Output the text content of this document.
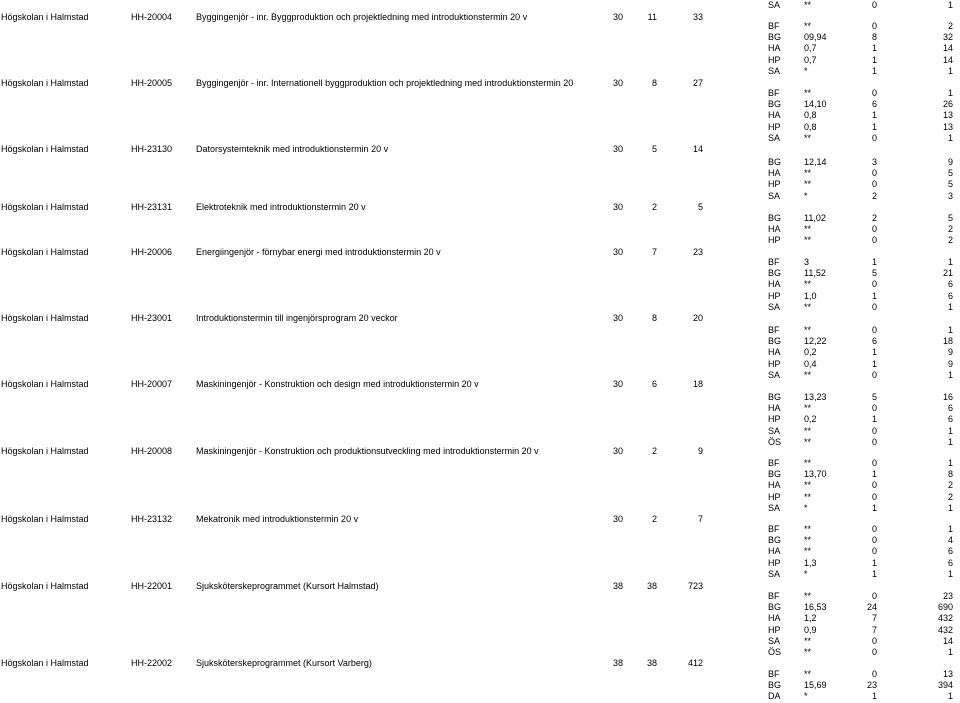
Högskolan i Halmstad	HH-20004	Byggingenjör - inr. Byggproduktion och projektledning med introduktionstermin 20 v	30	11	33
Högskolan i Halmstad	HH-20005	Byggingenjör - inr. Internationell byggproduktion och projektledning med introduktionstermin 20	30	8	27
Högskolan i Halmstad	HH-23130	Datorsystemteknik med introduktionstermin 20 v	30	5	14
Högskolan i Halmstad	HH-23131	Elektroteknik med introduktionstermin 20 v	30	2	5
Högskolan i Halmstad	HH-20006	Energiingenjör - förnybar energi med introduktionstermin 20 v	30	7	23
Högskolan i Halmstad	HH-23001	Introduktionstermin till ingenjörsprogram 20 veckor	30	8	20
Högskolan i Halmstad	HH-20007	Maskiningenjör - Konstruktion och design med introduktionstermin 20 v	30	6	18
Högskolan i Halmstad	HH-20008	Maskiningenjör - Konstruktion och produktionsutveckling med introduktionstermin 20 v	30	2	9
Högskolan i Halmstad	HH-23132	Mekatronik med introduktionstermin 20 v	30	2	7
Högskolan i Halmstad	HH-22001	Sjuksköterskeprogrammet (Kursort Halmstad)	38	38	723
Högskolan i Halmstad	HH-22002	Sjuksköterskeprogrammet (Kursort Varberg)	38	38	412
SA	**	0	1
BF	**	0	2
BG	09,94	8	32
HA	0,7	1	14
HP	0,7	1	14
SA	*	1	1
BF	**	0	1
BG	14,10	6	26
HA	0,8	1	13
HP	0,8	1	13
SA	**	0	1
BG	12,14	3	9
HA	**	0	5
HP	**	0	5
SA	*	2	3
BG	11,02	2	5
HA	**	0	2
HP	**	0	2
BF	3	1	1
BG	11,52	5	21
HA	**	0	6
HP	1,0	1	6
SA	**	0	1
BF	**	0	1
BG	12,22	6	18
HA	0,2	1	9
HP	0,4	1	9
SA	**	0	1
BG	13,23	5	16
HA	**	0	6
HP	0,2	1	6
SA	**	0	1
ÖS	**	0	1
BF	**	0	1
BG	13,70	1	8
HA	**	0	2
HP	**	0	2
SA	*	1	1
BF	**	0	1
BG	**	0	4
HA	**	0	6
HP	1,3	1	6
SA	*	1	1
BF	**	0	23
BG	16,53	24	690
HA	1,2	7	432
HP	0,9	7	432
SA	**	0	14
ÖS	**	0	1
BF	**	0	13
BG	15,69	23	394
DA	*	1	1
